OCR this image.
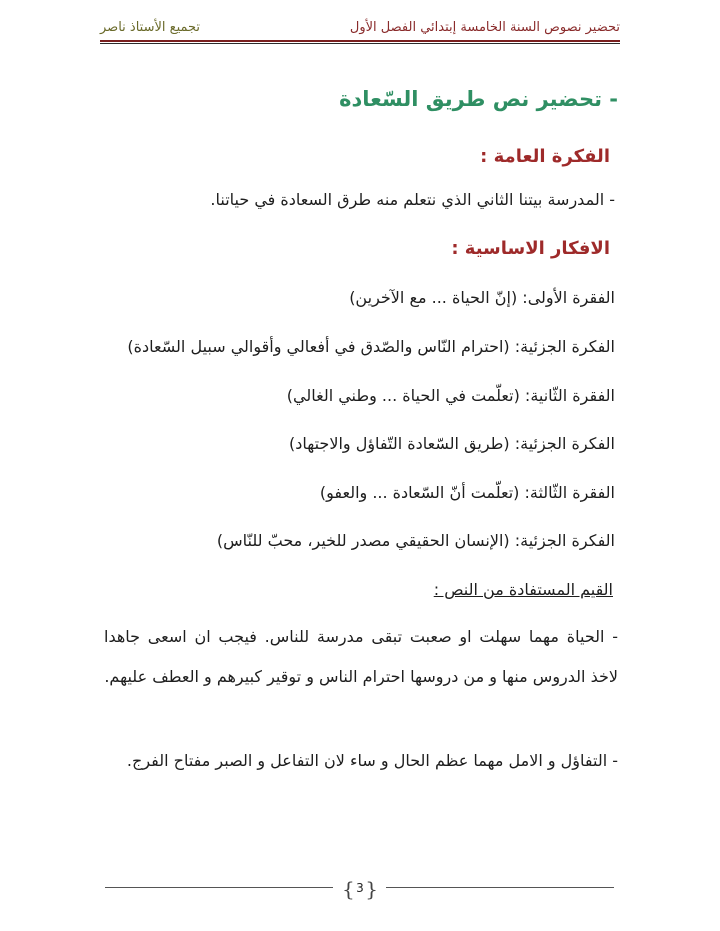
تحضير نصوص السنة الخامسة إبتدائي الفصل الأول
تجميع الأستاذ ناصر
- تحضير نص طريق السّعادة
الفكرة العامة :
- المدرسة بيتنا الثاني الذي نتعلم منه طرق السعادة في حياتنا.
الافكار الاساسية :
الفقرة الأولى: (إنّ الحياة ... مع الآخرين)
الفكرة الجزئية: (احترام النّاس والصّدق في أفعالي وأقوالي سبيل السّعادة)
الفقرة الثّانية: (تعلّمت في الحياة ... وطني الغالي)
الفكرة الجزئية: (طريق السّعادة التّفاؤل والاجتهاد)
الفقرة الثّالثة: (تعلّمت أنّ السّعادة ... والعفو)
الفكرة الجزئية: (الإنسان الحقيقي مصدر للخير، محبّ للنّاس)
القيم المستفادة من النص :
- الحياة مهما سهلت او صعبت تبقى مدرسة للناس. فيجب ان اسعى جاهدا لاخذ الدروس منها و من دروسها احترام الناس و توقير كبيرهم و العطف عليهم.
- التفاؤل و الامل مهما عظم الحال و ساء لان التفاعل و الصبر مفتاح الفرج.
{
3
}
